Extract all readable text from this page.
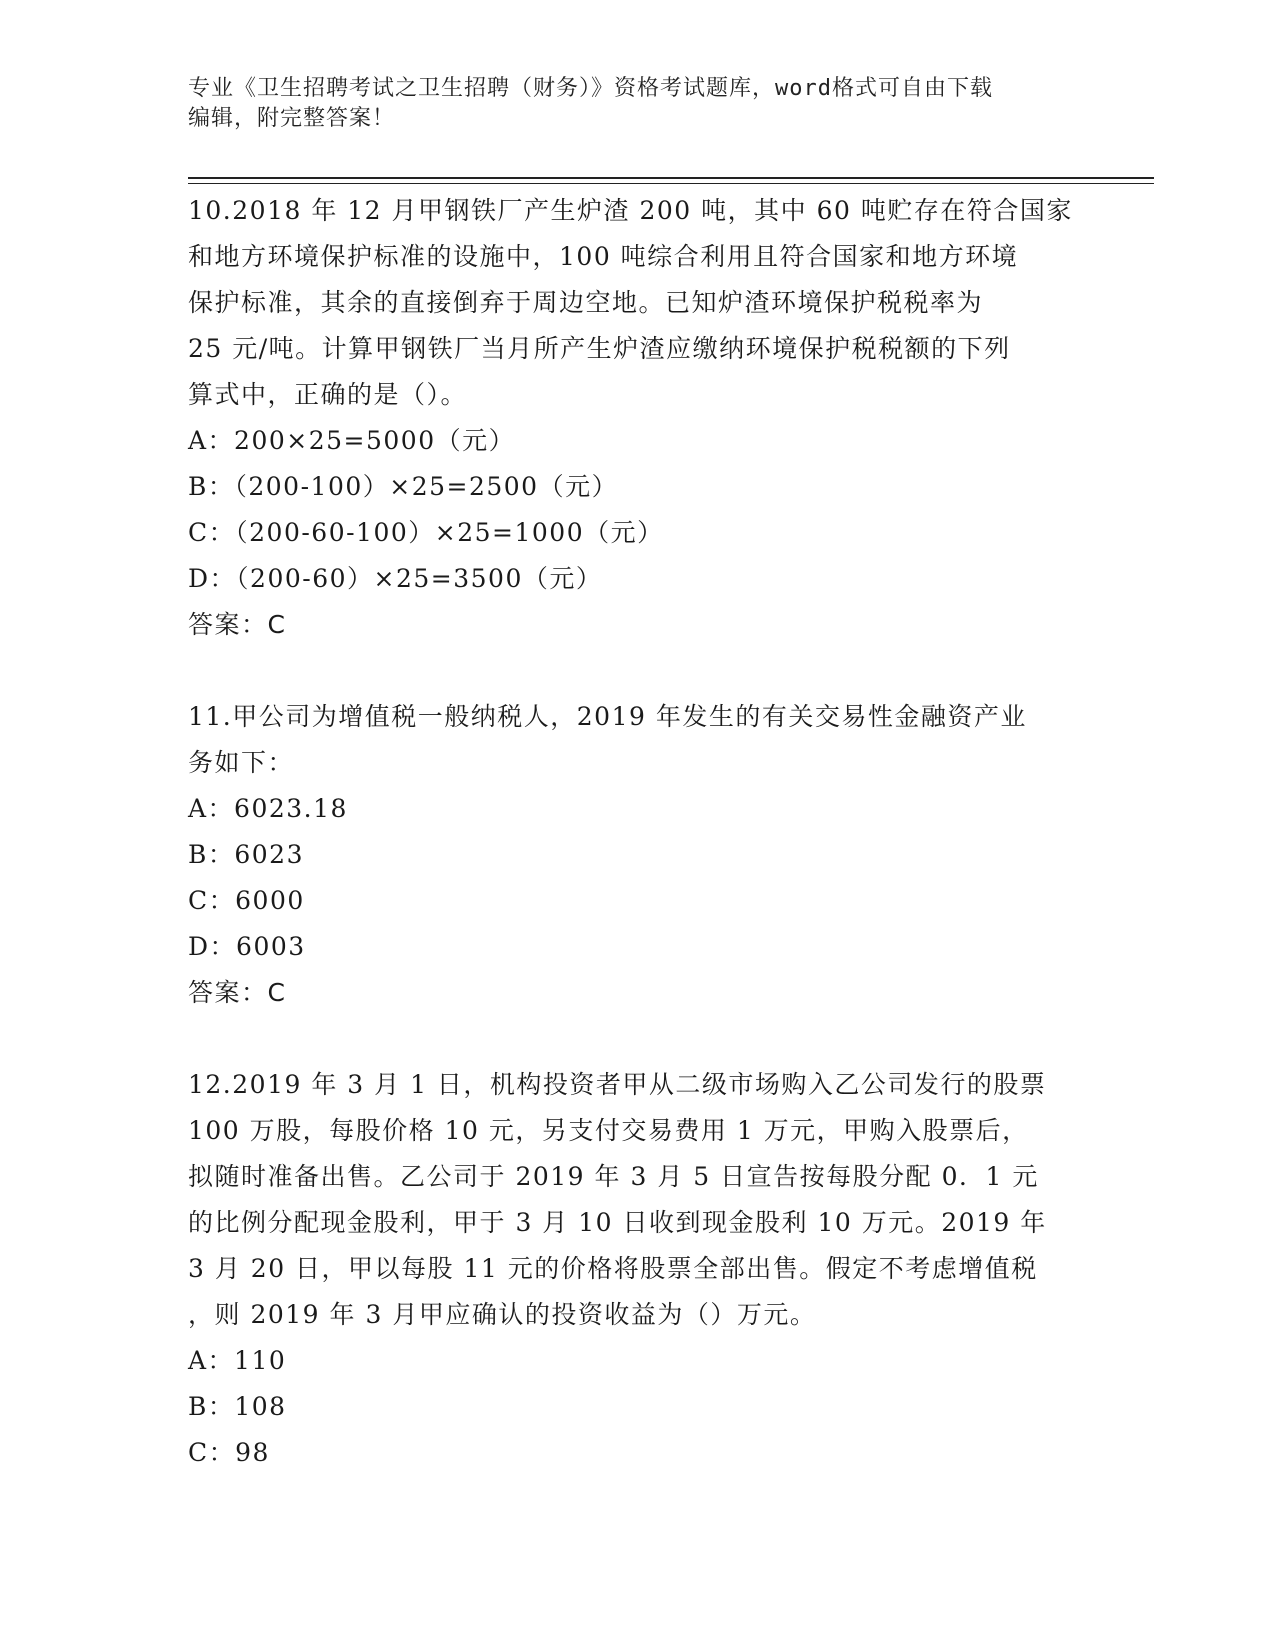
专业《卫生招聘考试之卫生招聘（财务）》资格考试题库，word格式可自由下载
编辑，附完整答案！
10.2018 年 12 月甲钢铁厂产生炉渣 200 吨，其中 60 吨贮存在符合国家
和地方环境保护标准的设施中，100 吨综合利用且符合国家和地方环境
保护标准，其余的直接倒弃于周边空地。已知炉渣环境保护税税率为
25 元/吨。计算甲钢铁厂当月所产生炉渣应缴纳环境保护税税额的下列
算式中，正确的是（）。
A：200×25=5000（元）
B：（200-100）×25=2500（元）
C：（200-60-100）×25=1000（元）
D：（200-60）×25=3500（元）
答案：C
11.甲公司为增值税一般纳税人，2019 年发生的有关交易性金融资产业
务如下：
A：6023.18
B：6023
C：6000
D：6003
答案：C
12.2019 年 3 月 1 日，机构投资者甲从二级市场购入乙公司发行的股票
100 万股，每股价格 10 元，另支付交易费用 1 万元，甲购入股票后，
拟随时准备出售。乙公司于 2019 年 3 月 5 日宣告按每股分配 0．1 元
的比例分配现金股利，甲于 3 月 10 日收到现金股利 10 万元。2019 年
3 月 20 日，甲以每股 11 元的价格将股票全部出售。假定不考虑增值税
，则 2019 年 3 月甲应确认的投资收益为（）万元。
A：110
B：108
C：98
